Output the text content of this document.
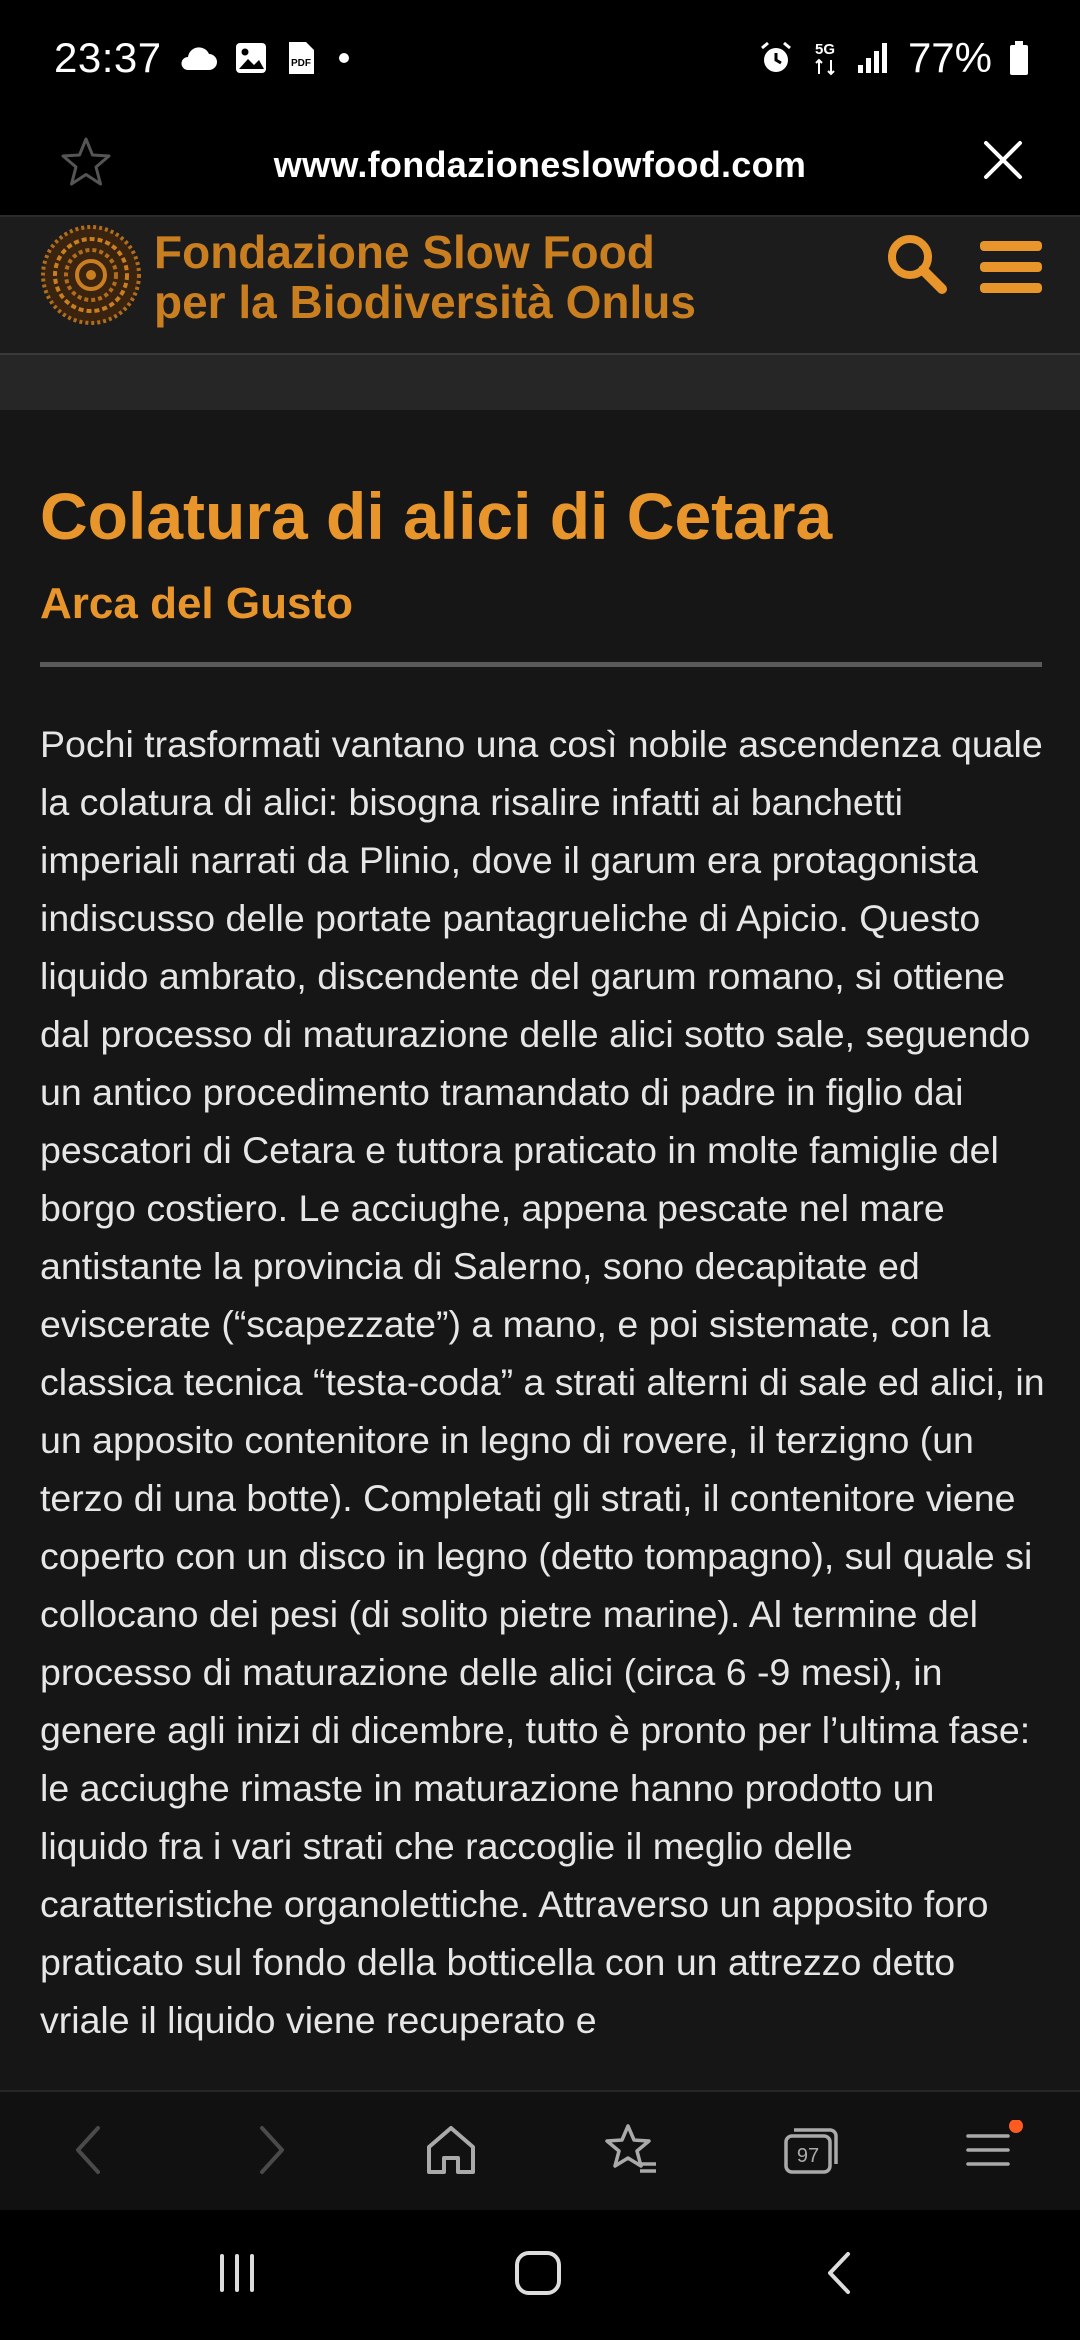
23:37	PDF
5G 77%
www.fondazioneslowfood.com
Fondazione Slow Food
per la Biodiversità Onlus
Colatura di alici di Cetara
Arca del Gusto

Pochi trasformati vantano una così nobile ascendenza quale la colatura di alici: bisogna risalire infatti ai banchetti imperiali narrati da Plinio, dove il garum era protagonista indiscusso delle portate pantagrueliche di Apicio. Questo liquido ambrato, discendente del garum romano, si ottiene dal processo di maturazione delle alici sotto sale, seguendo un antico procedimento tramandato di padre in figlio dai pescatori di Cetara e tuttora praticato in molte famiglie del borgo costiero. Le acciughe, appena pescate nel mare antistante la provincia di Salerno, sono decapitate ed eviscerate (“scapezzate”) a mano, e poi sistemate, con la classica tecnica “testa-coda” a strati alterni di sale ed alici, in un apposito contenitore in legno di rovere, il terzigno (un terzo di una botte). Completati gli strati, il contenitore viene coperto con un disco in legno (detto tompagno), sul quale si collocano dei pesi (di solito pietre marine). Al termine del processo di maturazione delle alici (circa 6 -9 mesi), in genere agli inizi di dicembre, tutto è pronto per l’ultima fase: le acciughe rimaste in maturazione hanno prodotto un liquido fra i vari strati che raccoglie il meglio delle caratteristiche organolettiche. Attraverso un apposito foro praticato sul fondo della botticella con un attrezzo detto vriale il liquido viene recuperato e

97
